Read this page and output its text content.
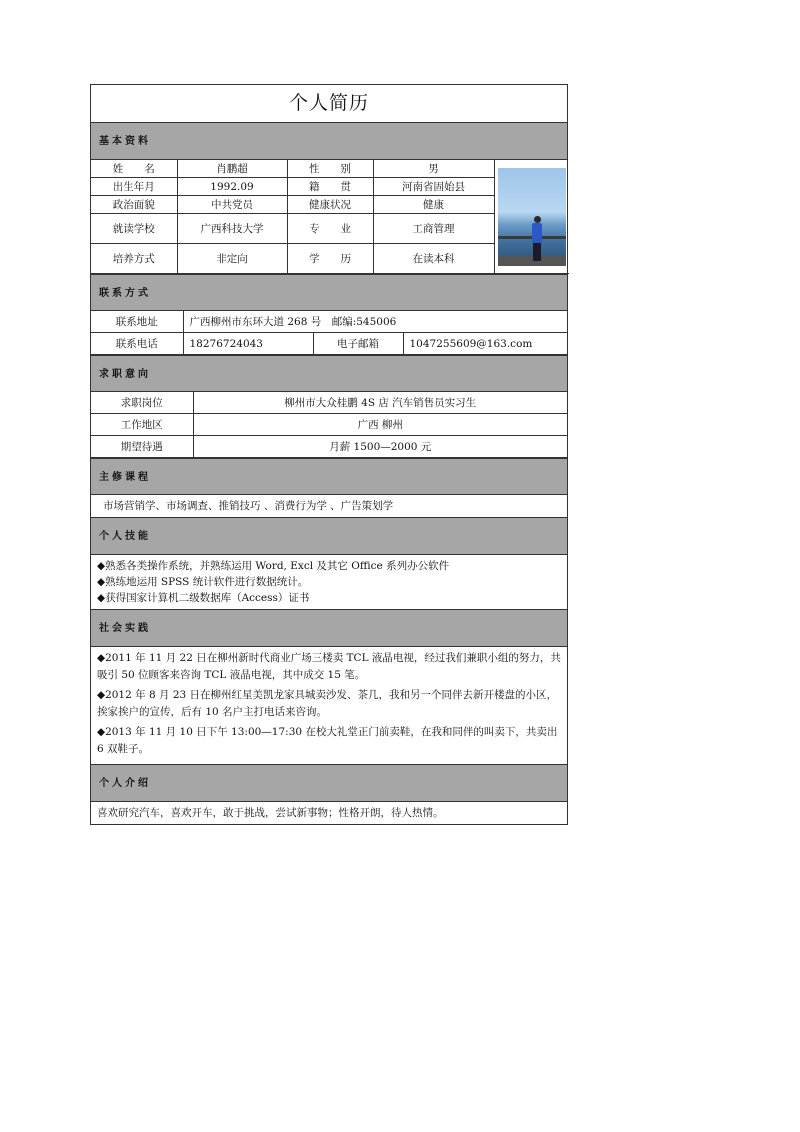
个人简历
基本资料
姓　　名	肖鹏超	性　　别	男	

出生年月	1992.09	籍　　贯	河南省固始县	
政治面貌	中共党员	健康状况	健康	
就读学校	广西科技大学	专　　业	工商管理	
培养方式	非定向	学　　历	在读本科	
联系方式
联系地址	广西柳州市东环大道 268 号　邮编:545006		
联系电话	18276724043	电子邮箱	1047255609@163.com
求职意向
求职岗位	柳州市大众桂鹏 4S 店 汽车销售员实习生
工作地区	广西 柳州
期望待遇	月薪 1500—2000 元
主修课程
市场营销学、市场调查、推销技巧 、消费行为学 、广告策划学
个人技能

◆熟悉各类操作系统，并熟练运用 Word, Excl 及其它 Office 系列办公软件

◆熟练地运用 SPSS 统计软件进行数据统计。

◆获得国家计算机二级数据库（Access）证书

社会实践

◆2011 年 11 月 22 日在柳州新时代商业广场三楼卖 TCL 液晶电视，经过我们兼职小组的努力，共吸引 50 位顾客来咨询 TCL 液晶电视，其中成交 15 笔。

◆2012 年 8 月 23 日在柳州红星美凯龙家具城卖沙发、茶几，我和另一个同伴去新开楼盘的小区，挨家挨户的宣传，后有 10 名户主打电话来咨询。

◆2013 年 11 月 10 日下午 13:00—17:30 在校大礼堂正门前卖鞋，在我和同伴的叫卖下，共卖出 6 双鞋子。

个人介绍
喜欢研究汽车，喜欢开车，敢于挑战，尝试新事物；性格开朗，待人热情。
